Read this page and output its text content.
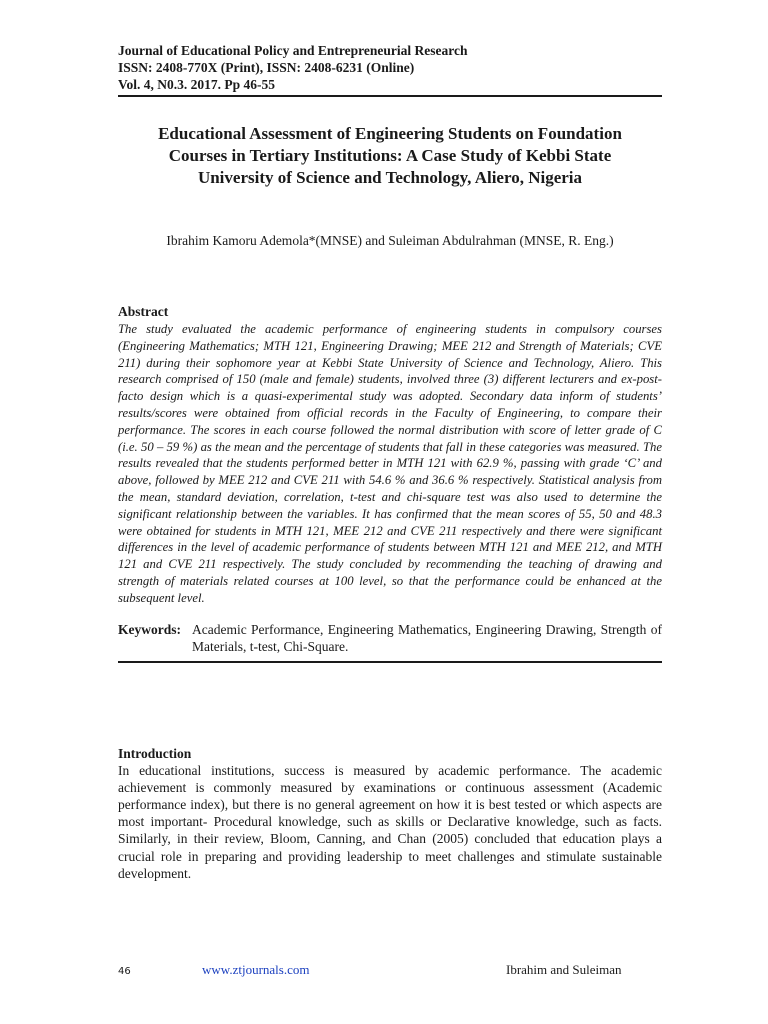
Journal of Educational Policy and Entrepreneurial Research
ISSN: 2408-770X (Print), ISSN: 2408-6231 (Online)
Vol. 4, N0.3. 2017. Pp 46-55
Educational Assessment of Engineering Students on Foundation
Courses in Tertiary Institutions: A Case Study of Kebbi State
University of Science and Technology, Aliero, Nigeria
Ibrahim Kamoru Ademola*(MNSE) and Suleiman Abdulrahman (MNSE, R. Eng.)
Abstract

The study evaluated the academic performance of engineering students in compulsory courses (Engineering Mathematics; MTH 121, Engineering Drawing; MEE 212 and Strength of Materials; CVE 211) during their sophomore year at Kebbi State University of Science and Technology, Aliero. This research comprised of 150 (male and female) students, involved three (3) different lecturers and ex-post-facto design which is a quasi-experimental study was adopted. Secondary data inform of students’ results/scores were obtained from official records in the Faculty of Engineering, to compare their performance. The scores in each course followed the normal distribution with score of letter grade of C (i.e. 50 – 59 %) as the mean and the percentage of students that fall in these categories was measured. The results revealed that the students performed better in MTH 121 with 62.9 %, passing with grade ‘C’ and above, followed by MEE 212 and CVE 211 with 54.6 % and 36.6 % respectively. Statistical analysis from the mean, standard deviation, correlation, t-test and chi-square test was also used to determine the significant relationship between the variables. It has confirmed that the mean scores of 55, 50 and 48.3 were obtained for students in MTH 121, MEE 212 and CVE 211 respectively and there were significant differences in the level of academic performance of students between MTH 121 and MEE 212, and MTH 121 and CVE 211 respectively. The study concluded by recommending the teaching of drawing and strength of materials related courses at 100 level, so that the performance could be enhanced at the subsequent level.

Keywords: Academic Performance, Engineering Mathematics, Engineering Drawing, Strength of Materials, t-test, Chi-Square.
Introduction

In educational institutions, success is measured by academic performance. The academic achievement is commonly measured by examinations or continuous assessment (Academic performance index), but there is no general agreement on how it is best tested or which aspects are most important- Procedural knowledge, such as skills or Declarative knowledge, such as facts. Similarly, in their review, Bloom, Canning, and Chan (2005) concluded that education plays a crucial role in preparing and providing leadership to meet challenges and stimulate sustainable development.

46	www.ztjournals.com	Ibrahim and Suleiman
